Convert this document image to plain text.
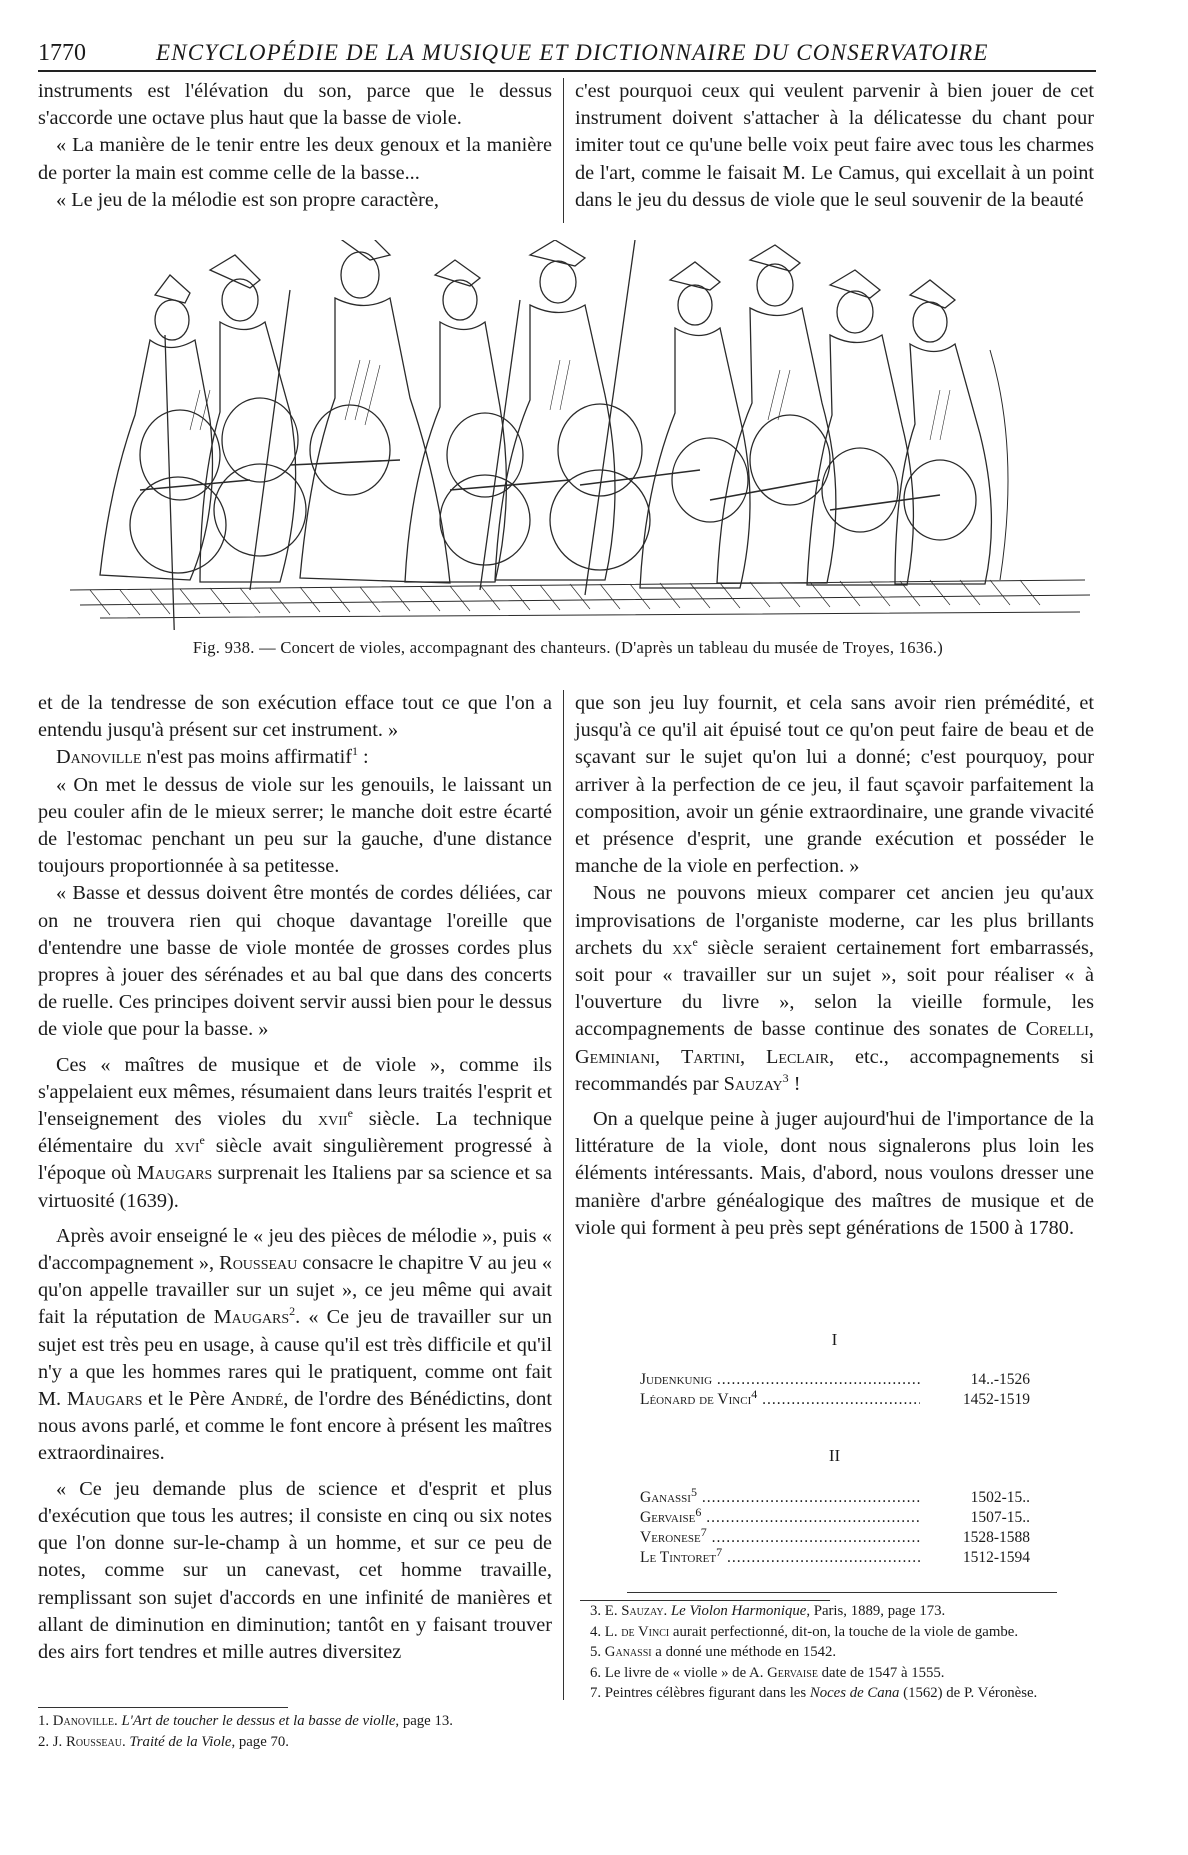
1770	ENCYCLOPÉDIE DE LA MUSIQUE ET DICTIONNAIRE DU CONSERVATOIRE

instruments est l'élévation du son, parce que le dessus s'accorde une octave plus haut que la basse de viole.

« La manière de le tenir entre les deux genoux et la manière de porter la main est comme celle de la basse...

« Le jeu de la mélodie est son propre caractère,

c'est pourquoi ceux qui veulent parvenir à bien jouer de cet instrument doivent s'attacher à la délicatesse du chant pour imiter tout ce qu'une belle voix peut faire avec tous les charmes de l'art, comme le faisait M. Le Camus, qui excellait à un point dans le jeu du dessus de viole que le seul souvenir de la beauté

Fig. 938. — Concert de violes, accompagnant des chanteurs. (D'après un tableau du musée de Troyes, 1636.)

et de la tendresse de son exécution efface tout ce que l'on a entendu jusqu'à présent sur cet instrument. »

Danoville n'est pas moins affirmatif$^1$ :

« On met le dessus de viole sur les genouils, le laissant un peu couler afin de le mieux serrer; le manche doit estre écarté de l'estomac penchant un peu sur la gauche, d'une distance toujours proportionnée à sa petitesse.

« Basse et dessus doivent être montés de cordes déliées, car on ne trouvera rien qui choque davantage l'oreille que d'entendre une basse de viole montée de grosses cordes plus propres à jouer des sérénades et au bal que dans des concerts de ruelle. Ces principes doivent servir aussi bien pour le dessus de viole que pour la basse. »

Ces « maîtres de musique et de viole », comme ils s'appelaient eux mêmes, résumaient dans leurs traités l'esprit et l'enseignement des violes du xvii$^e$ siècle. La technique élémentaire du xvi$^e$ siècle avait singulièrement progressé à l'époque où Maugars surprenait les Italiens par sa science et sa virtuosité (1639).

Après avoir enseigné le « jeu des pièces de mélodie », puis « d'accompagnement », Rousseau consacre le chapitre V au jeu « qu'on appelle travailler sur un sujet », ce jeu même qui avait fait la réputation de Maugars$^2$. « Ce jeu de travailler sur un sujet est très peu en usage, à cause qu'il est très difficile et qu'il n'y a que les hommes rares qui le pratiquent, comme ont fait M. Maugars et le Père André, de l'ordre des Bénédictins, dont nous avons parlé, et comme le font encore à présent les maîtres extraordinaires.

« Ce jeu demande plus de science et d'esprit et plus d'exécution que tous les autres; il consiste en cinq ou six notes que l'on donne sur-le-champ à un homme, et sur ce peu de notes, comme sur un canevast, cet homme travaille, remplissant son sujet d'accords en une infinité de manières et allant de diminution en diminution; tantôt en y faisant trouver des airs fort tendres et mille autres diversitez

que son jeu luy fournit, et cela sans avoir rien prémédité, et jusqu'à ce qu'il ait épuisé tout ce qu'on peut faire de beau et de sçavant sur le sujet qu'on lui a donné; c'est pourquoy, pour arriver à la perfection de ce jeu, il faut sçavoir parfaitement la composition, avoir un génie extraordinaire, une grande vivacité et présence d'esprit, une grande exécution et posséder le manche de la viole en perfection. »

Nous ne pouvons mieux comparer cet ancien jeu qu'aux improvisations de l'organiste moderne, car les plus brillants archets du $xx^e$ siècle seraient certainement fort embarrassés, soit pour « travailler sur un sujet », soit pour réaliser « à l'ouverture du livre », selon la vieille formule, les accompagnements de basse continue des sonates de Corelli, Geminiani, Tartini, Leclair, etc., accompagnements si recommandés par Sauzay$^3$ !

On a quelque peine à juger aujourd'hui de l'importance de la littérature de la viole, dont nous signalerons plus loin les éléments intéressants. Mais, d'abord, nous voulons dresser une manière d'arbre généalogique des maîtres de musique et de viole qui forment à peu près sept générations de 1500 à 1780.

I
Judenkunig .....	14..-1526
Léonard de Vinci$^4$ .....	1452-1519
II
Ganassi$^5$ .....	1502-15..
Gervaise$^6$ .....	1507-15..
Veronese$^7$ .....	1528-1588
Le Tintoret$^7$ .....	1512-1594

1. Danoville. L'Art de toucher le dessus et la basse de violle, page 13.

2. J. Rousseau. Traité de la Viole, page 70.

3. E. Sauzay. Le Violon Harmonique, Paris, 1889, page 173.

4. L. de Vinci aurait perfectionné, dit-on, la touche de la viole de gambe.

5. Ganassi a donné une méthode en 1542.

6. Le livre de « violle » de A. Gervaise date de 1547 à 1555.

7. Peintres célèbres figurant dans les Noces de Cana (1562) de P. Véronèse.
